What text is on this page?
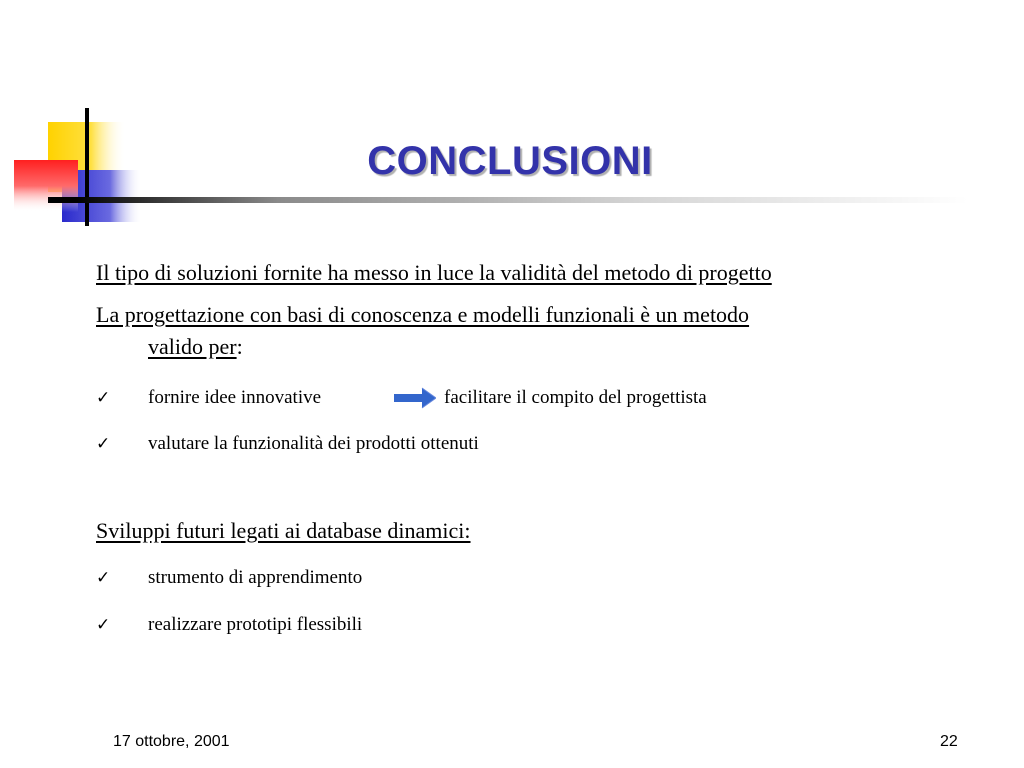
CONCLUSIONI
Il tipo di soluzioni fornite ha messo in luce la validità del metodo di progetto
La progettazione con basi di conoscenza e modelli funzionali è un metodo
valido per:
✓ fornire idee innovative	facilitare il compito del progettista
✓ valutare la funzionalità dei prodotti ottenuti
Sviluppi futuri legati ai database dinamici:
✓ strumento di apprendimento
✓ realizzare prototipi flessibili
17 ottobre, 2001	22
